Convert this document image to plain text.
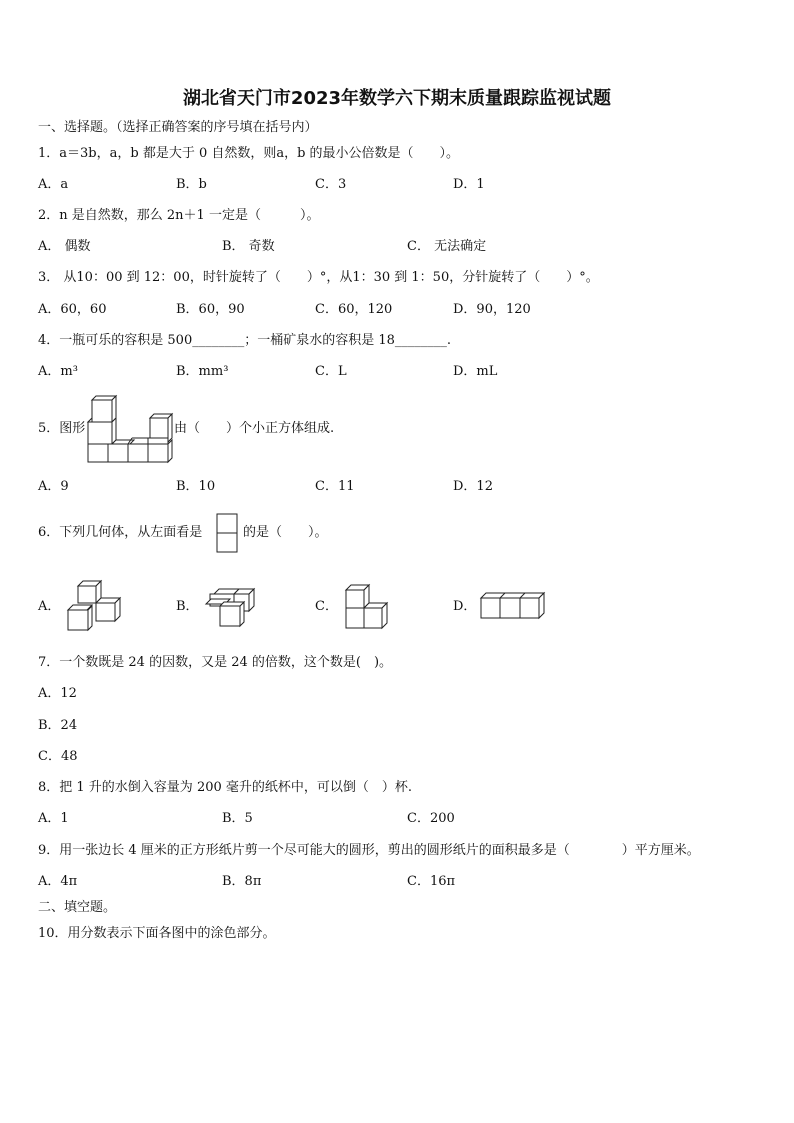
湖北省天门市2023年数学六下期末质量跟踪监视试题
一、选择题。（选择正确答案的序号填在括号内）
1．a＝3b，a，b 都是大于 0 自然数，则a，b 的最小公倍数是（　　）。
A．a	B．b	C．3	D．1
2．n 是自然数，那么 2n＋1 一定是（　　　）。
A． 偶数	B． 奇数	C． 无法确定
3． 从10：00 到 12：00，时针旋转了（　　）°，从1：30 到 1：50，分针旋转了（　　）°。
A．60，60	B．60，90	C．60，120	D．90，120
4．一瓶可乐的容积是 500________；一桶矿泉水的容积是 18________.
A．m³	B．mm³	C．L	D．mL
5．图形	由（　　）个小正方体组成.
A．9	B．10	C．11	D．12
6．下列几何体，从左面看是	的是（　　）。
A．	B．	C．	D．
7．一个数既是 24 的因数，又是 24 的倍数，这个数是(　)。
A．12
B．24
C．48
8．把 1 升的水倒入容量为 200 毫升的纸杯中，可以倒（　）杯.
A．1	B．5	C．200
9．用一张边长 4 厘米的正方形纸片剪一个尽可能大的圆形，剪出的圆形纸片的面积最多是（　　　　）平方厘米。
A．4π	B．8π	C．16π
二、填空题。
10．用分数表示下面各图中的涂色部分。
